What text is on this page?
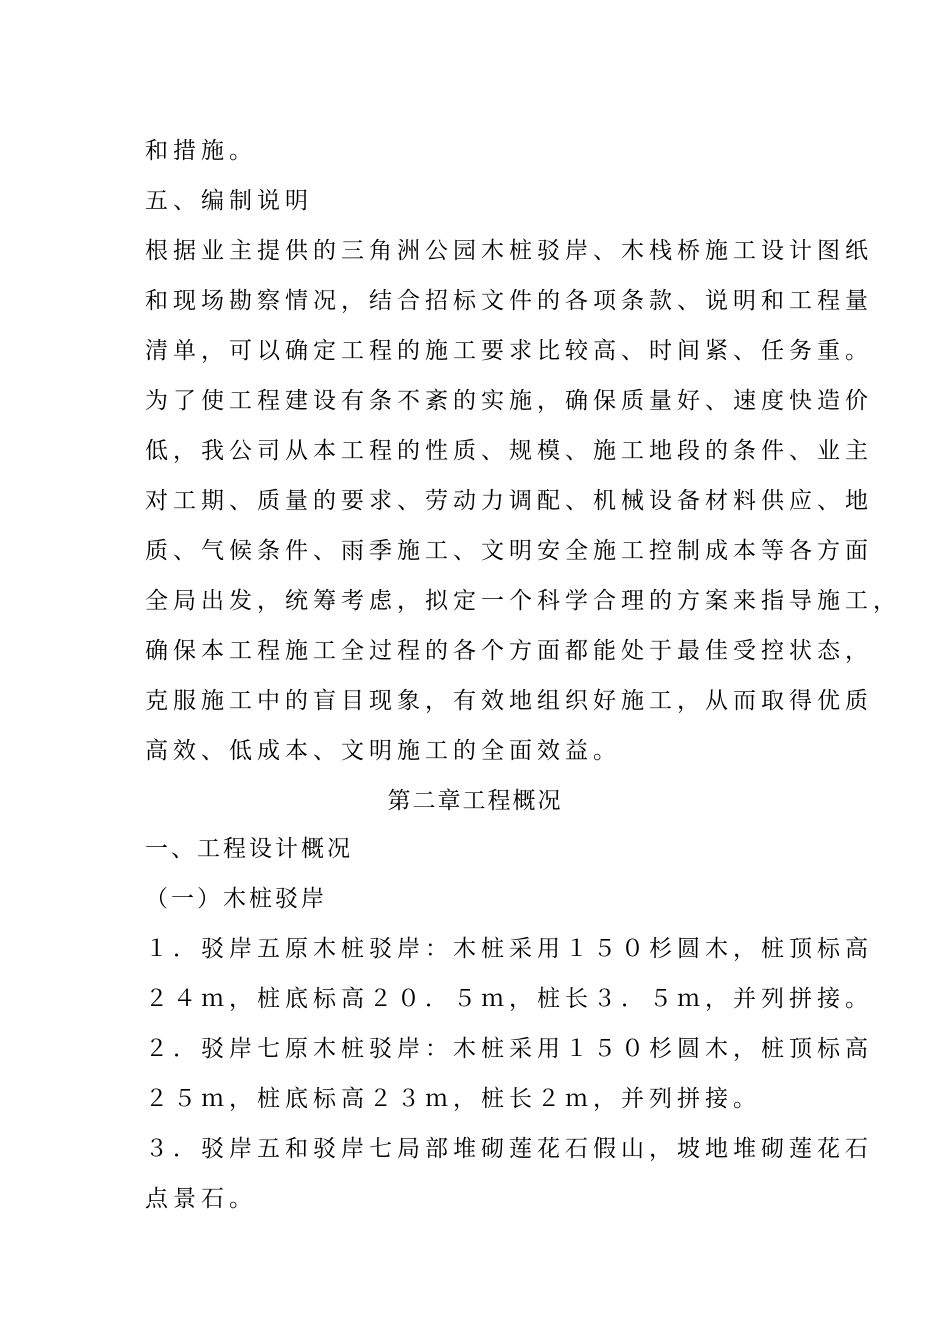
和措施。
五、编制说明
根据业主提供的三角洲公园木桩驳岸、木栈桥施工设计图纸
和现场勘察情况，结合招标文件的各项条款、说明和工程量
清单，可以确定工程的施工要求比较高、时间紧、任务重。
为了使工程建设有条不紊的实施，确保质量好、速度快造价
低，我公司从本工程的性质、规模、施工地段的条件、业主
对工期、质量的要求、劳动力调配、机械设备材料供应、地
质、气候条件、雨季施工、文明安全施工控制成本等各方面
全局出发，统筹考虑，拟定一个科学合理的方案来指导施工，
确保本工程施工全过程的各个方面都能处于最佳受控状态，
克服施工中的盲目现象，有效地组织好施工，从而取得优质
高效、低成本、文明施工的全面效益。
第二章工程概况
一、工程设计概况
（一）木桩驳岸
１．驳岸五原木桩驳岸：木桩采用１５０杉圆木，桩顶标高
２４ｍ，桩底标高２０．５ｍ，桩长３．５ｍ，并列拼接。
２．驳岸七原木桩驳岸：木桩采用１５０杉圆木，桩顶标高
２５ｍ，桩底标高２３ｍ，桩长２ｍ，并列拼接。
３．驳岸五和驳岸七局部堆砌莲花石假山，坡地堆砌莲花石
点景石。
